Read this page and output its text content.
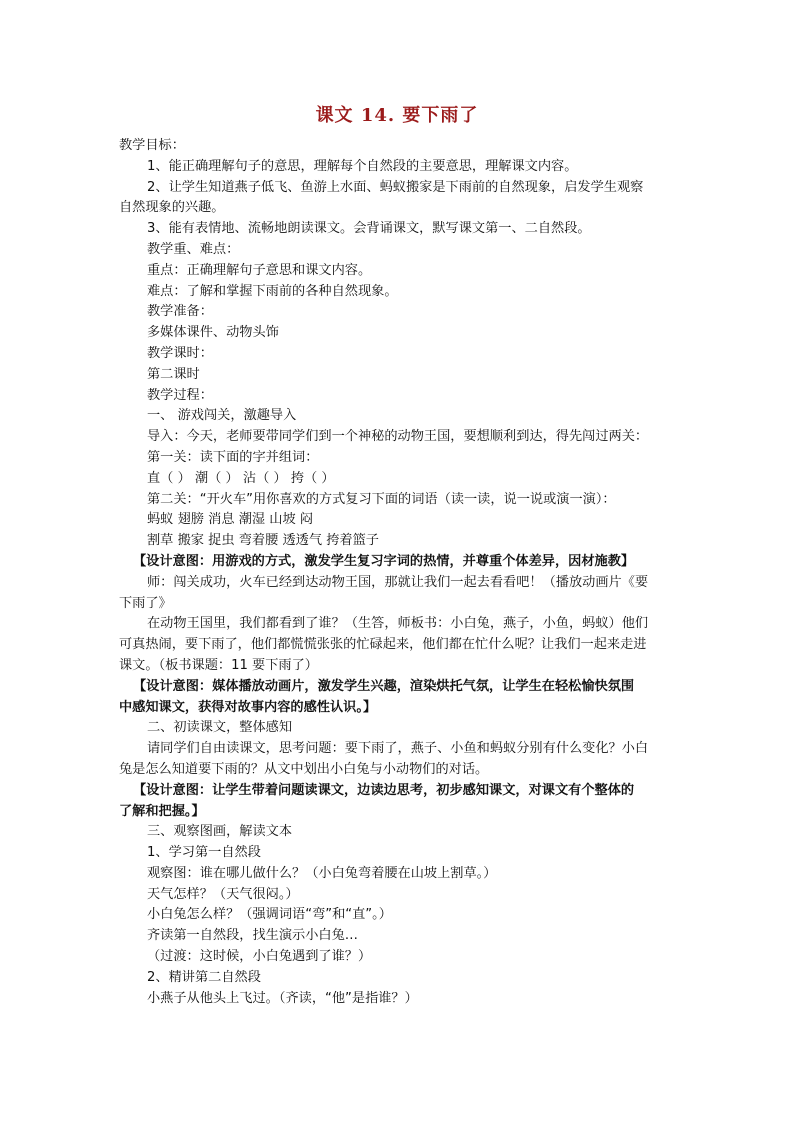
课文 14. 要下雨了
教学目标：
1、能正确理解句子的意思，理解每个自然段的主要意思，理解课文内容。
2、让学生知道燕子低飞、鱼游上水面、蚂蚁搬家是下雨前的自然现象，启发学生观察
自然现象的兴趣。
3、能有表情地、流畅地朗读课文。会背诵课文，默写课文第一、二自然段。
教学重、难点：
重点：正确理解句子意思和课文内容。
难点：了解和掌握下雨前的各种自然现象。
教学准备：
多媒体课件、动物头饰
教学课时：
第二课时
教学过程：
一、 游戏闯关，激趣导入
导入：今天，老师要带同学们到一个神秘的动物王国，要想顺利到达，得先闯过两关：
第一关：读下面的字并组词：
直（ ） 潮（ ） 沾（ ） 挎（ ）
第二关：“开火车”用你喜欢的方式复习下面的词语（读一读，说一说或演一演）：
蚂蚁 翅膀 消息 潮湿 山坡 闷
割草 搬家 捉虫 弯着腰 透透气 挎着篮子
【设计意图：用游戏的方式，激发学生复习字词的热情，并尊重个体差异，因材施教】
师：闯关成功，火车已经到达动物王国，那就让我们一起去看看吧！（播放动画片《要
下雨了》
在动物王国里，我们都看到了谁？（生答，师板书：小白兔，燕子，小鱼，蚂蚁）他们
可真热闹，要下雨了，他们都慌慌张张的忙碌起来，他们都在忙什么呢？让我们一起来走进
课文。（板书课题：11 要下雨了）
【设计意图：媒体播放动画片，激发学生兴趣，渲染烘托气氛，让学生在轻松愉快氛围
中感知课文，获得对故事内容的感性认识。】
二、初读课文，整体感知
请同学们自由读课文，思考问题：要下雨了，燕子、小鱼和蚂蚁分别有什么变化？小白
兔是怎么知道要下雨的？从文中划出小白兔与小动物们的对话。
【设计意图：让学生带着问题读课文，边读边思考，初步感知课文，对课文有个整体的
了解和把握。】
三、观察图画，解读文本
1、学习第一自然段
观察图：谁在哪儿做什么？（小白兔弯着腰在山坡上割草。）
天气怎样？（天气很闷。）
小白兔怎么样？（强调词语“弯”和“直”。）
齐读第一自然段，找生演示小白兔…
（过渡：这时候，小白兔遇到了谁？）
2、精讲第二自然段
小燕子从他头上飞过。（齐读，“他”是指谁？）
